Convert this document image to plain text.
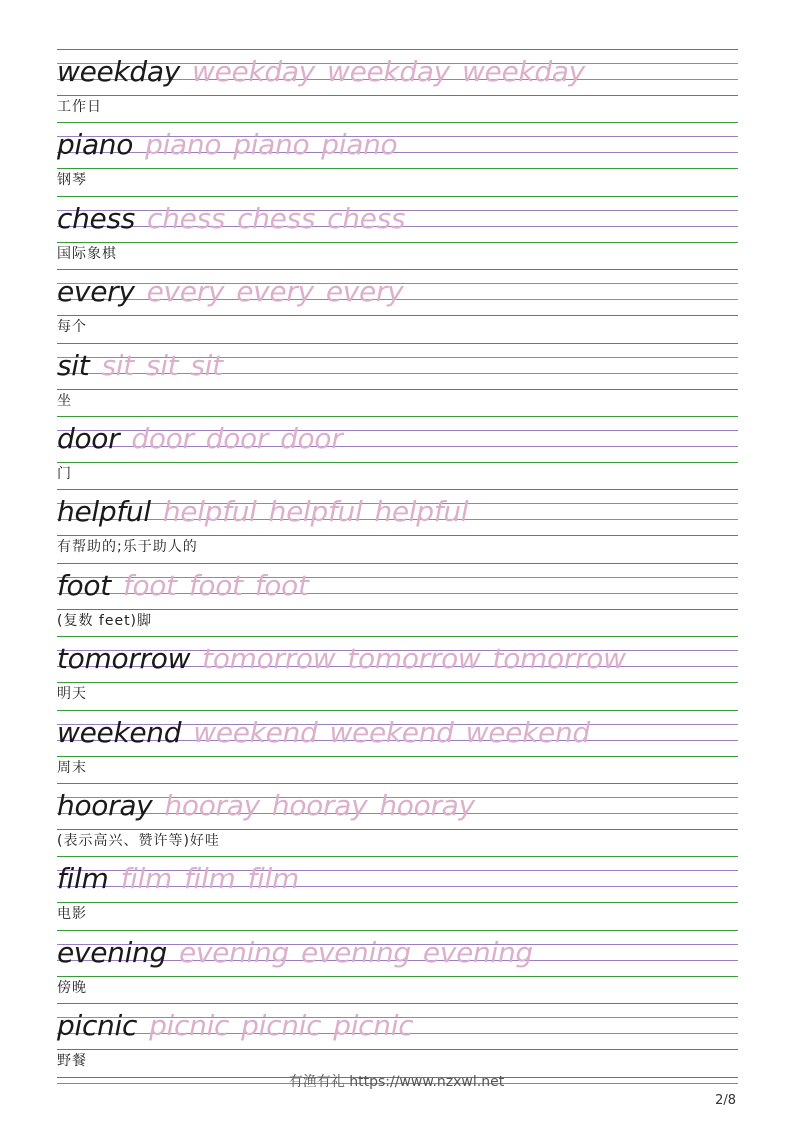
weekday weekday weekday weekday
工作日
piano piano piano piano
钢琴
chess chess chess chess
国际象棋
every every every every
每个
sit sit sit sit
坐
door door door door
门
helpful helpful helpful helpful
有帮助的;乐于助人的
foot foot foot foot
(复数 feet)脚
tomorrow tomorrow tomorrow tomorrow
明天
weekend weekend weekend weekend
周末
hooray hooray hooray hooray
(表示高兴、赞许等)好哇
film film film film
电影
evening evening evening evening
傍晚
picnic picnic picnic picnic
野餐
有渔有礼 https://www.nzxwl.net
2/8
